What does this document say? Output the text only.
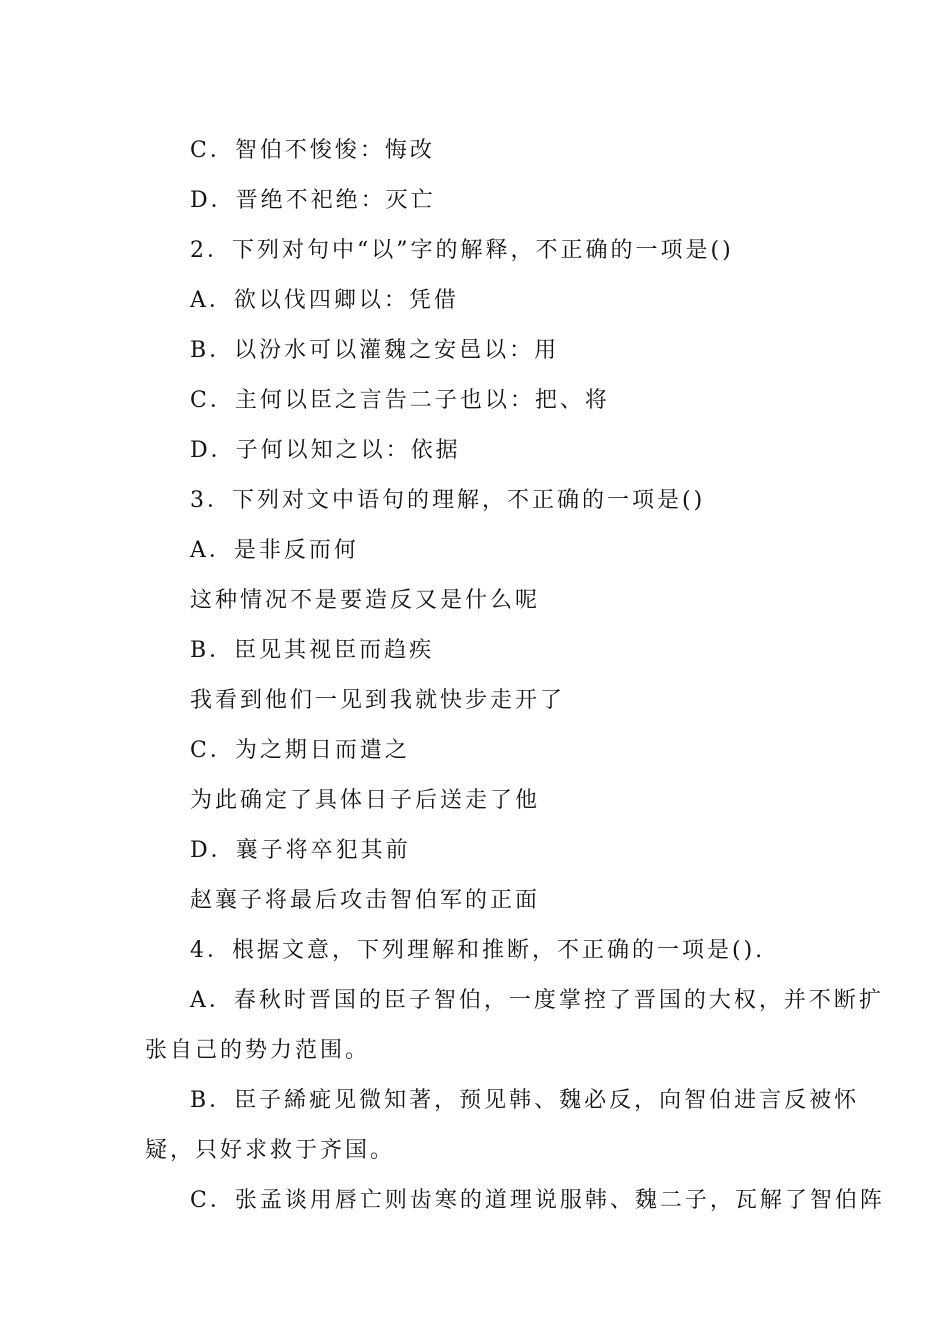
C．智伯不悛悛：悔改
D．晋绝不祀绝：灭亡
2．下列对句中“以”字的解释，不正确的一项是()
A．欲以伐四卿以：凭借
B．以汾水可以灌魏之安邑以：用
C．主何以臣之言告二子也以：把、将
D．子何以知之以：依据
3．下列对文中语句的理解，不正确的一项是()
A．是非反而何
这种情况不是要造反又是什么呢
B．臣见其视臣而趋疾
我看到他们一见到我就快步走开了
C．为之期日而遣之
为此确定了具体日子后送走了他
D．襄子将卒犯其前
赵襄子将最后攻击智伯军的正面
4．根据文意，下列理解和推断，不正确的一项是().
A．春秋时晋国的臣子智伯，一度掌控了晋国的大权，并不断扩
张自己的势力范围。
B．臣子絺疵见微知著，预见韩、魏必反，向智伯进言反被怀
疑，只好求救于齐国。
C．张孟谈用唇亡则齿寒的道理说服韩、魏二子，瓦解了智伯阵
